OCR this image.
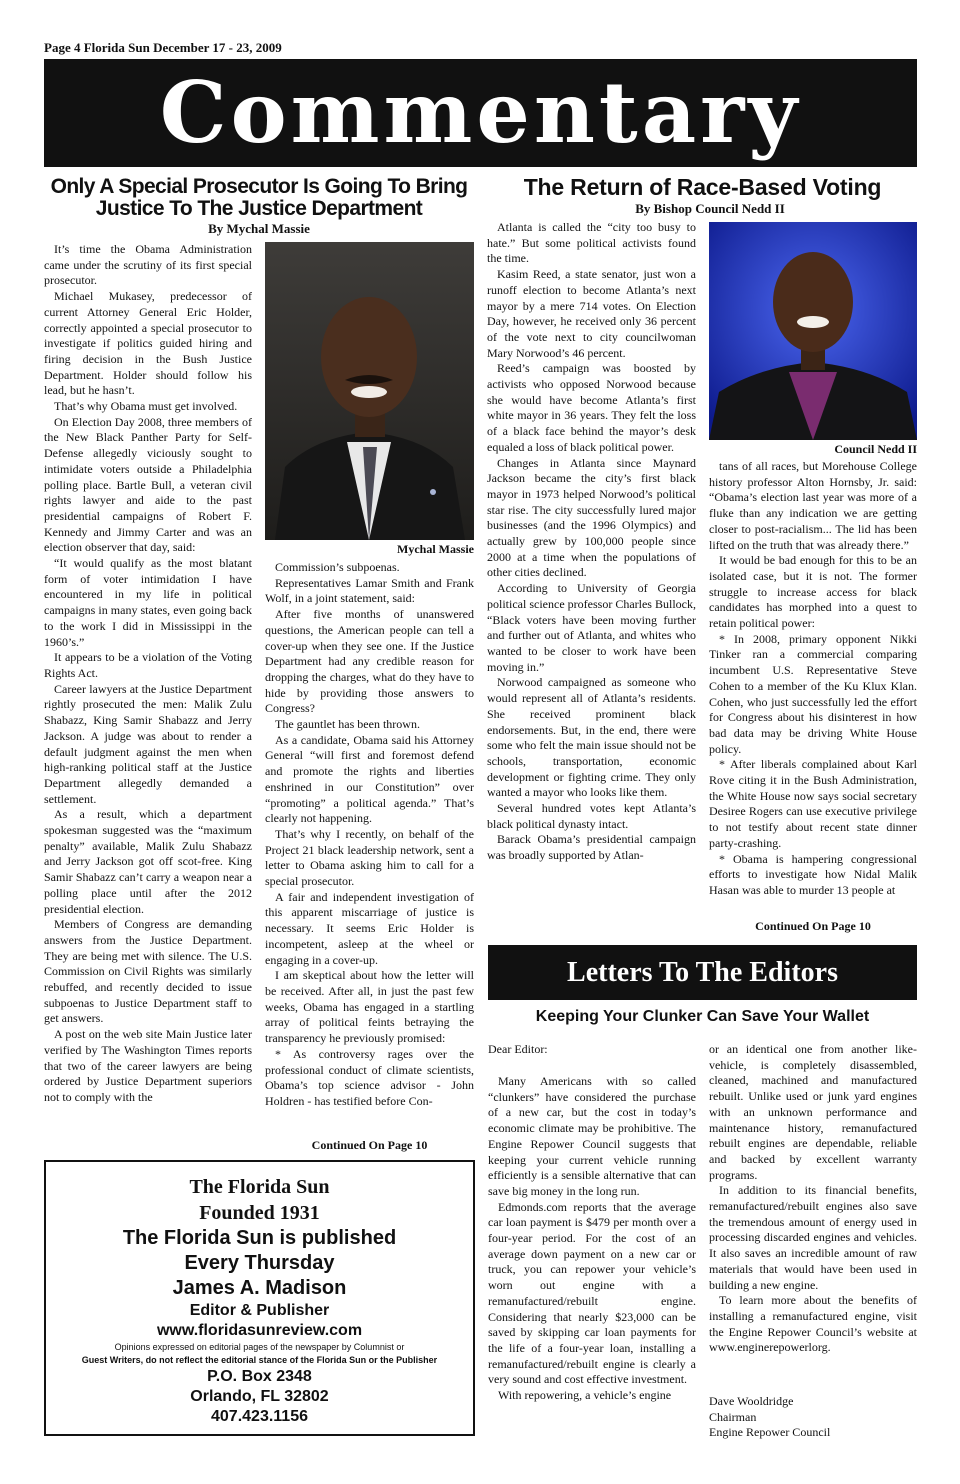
Page 4 Florida Sun December 17 - 23, 2009
Commentary
Only A Special Prosecutor Is Going To Bring
Justice To The Justice Department
By Mychal Massie

It’s time the Obama Administration came under the scrutiny of its first special prosecutor.

Michael Mukasey, predecessor of current Attorney General Eric Holder, correctly appointed a special prosecutor to investigate if politics guided hiring and firing decision in the Bush Justice Department. Holder should follow his lead, but he hasn’t.

That’s why Obama must get involved.

On Election Day 2008, three members of the New Black Panther Party for Self-Defense allegedly viciously sought to intimidate voters outside a Philadelphia polling place. Bartle Bull, a veteran civil rights lawyer and aide to the past presidential campaigns of Robert F. Kennedy and Jimmy Carter and was an election observer that day, said:

“It would qualify as the most blatant form of voter intimidation I have encountered in my life in political campaigns in many states, even going back to the work I did in Mississippi in the 1960’s.”

It appears to be a violation of the Voting Rights Act.

Career lawyers at the Justice Department rightly prosecuted the men: Malik Zulu Shabazz, King Samir Shabazz and Jerry Jackson. A judge was about to render a default judgment against the men when high-ranking political staff at the Justice Department allegedly demanded a settlement.

As a result, which a department spokesman suggested was the “maximum penalty” available, Malik Zulu Shabazz and Jerry Jackson got off scot-free. King Samir Shabazz can’t carry a weapon near a polling place until after the 2012 presidential election.

Members of Congress are demanding answers from the Justice Department. They are being met with silence. The U.S. Commission on Civil Rights was similarly rebuffed, and recently decided to issue subpoenas to Justice Department staff to get answers.

A post on the web site Main Justice later verified by The Washington Times reports that two of the career lawyers are being ordered by Justice Department superiors not to comply with the

Mychal Massie

Commission’s subpoenas.

Representatives Lamar Smith and Frank Wolf, in a joint statement, said:

After five months of unanswered questions, the American people can tell a cover-up when they see one. If the Justice Department had any credible reason for dropping the charges, what do they have to hide by providing those answers to Congress?

The gauntlet has been thrown.

As a candidate, Obama said his Attorney General “will first and foremost defend and promote the rights and liberties enshrined in our Constitution” over “promoting” a political agenda.” That’s clearly not happening.

That’s why I recently, on behalf of the Project 21 black leadership network, sent a letter to Obama asking him to call for a special prosecutor.

A fair and independent investigation of this apparent miscarriage of justice is necessary. It seems Eric Holder is incompetent, asleep at the wheel or engaging in a cover-up.

I am skeptical about how the letter will be received. After all, in just the past few weeks, Obama has engaged in a startling array of political feints betraying the transparency he previously promised:

* As controversy rages over the professional conduct of climate scientists, Obama’s top science advisor - John Holdren - has testified before Con-

Continued On Page 10
The Florida Sun
Founded 1931
The Florida Sun is published
Every Thursday
James A. Madison
Editor & Publisher
www.floridasunreview.com
Opinions expressed on editorial pages of the newspaper by Columnist or
Guest Writers, do not reflect the editorial stance of the Florida Sun or the Publisher
P.O. Box 2348
Orlando, FL 32802
407.423.1156
The Return of Race-Based Voting
By Bishop Council Nedd II

Atlanta is called the “city too busy to hate.” But some political activists found the time.

Kasim Reed, a state senator, just won a runoff election to become Atlanta’s next mayor by a mere 714 votes. On Election Day, however, he received only 36 percent of the vote next to city councilwoman Mary Norwood’s 46 percent.

Reed’s campaign was boosted by activists who opposed Norwood because she would have become Atlanta’s first white mayor in 36 years. They felt the loss of a black face behind the mayor’s desk equaled a loss of black political power.

Changes in Atlanta since Maynard Jackson became the city’s first black mayor in 1973 helped Norwood’s political star rise. The city successfully lured major businesses (and the 1996 Olympics) and actually grew by 100,000 people since 2000 at a time when the populations of other cities declined.

According to University of Georgia political science professor Charles Bullock, “Black voters have been moving further and further out of Atlanta, and whites who wanted to be closer to work have been moving in.”

Norwood campaigned as someone who would represent all of Atlanta’s residents. She received prominent black endorsements. But, in the end, there were some who felt the main issue should not be schools, transportation, economic development or fighting crime. They only wanted a mayor who looks like them.

Several hundred votes kept Atlanta’s black political dynasty intact.

Barack Obama’s presidential campaign was broadly supported by Atlan-

Council Nedd II

tans of all races, but Morehouse College history professor Alton Hornsby, Jr. said: “Obama’s election last year was more of a fluke than any indication we are getting closer to post-racialism... The lid has been lifted on the truth that was already there.”

It would be bad enough for this to be an isolated case, but it is not. The former struggle to increase access for black candidates has morphed into a quest to retain political power:

* In 2008, primary opponent Nikki Tinker ran a commercial comparing incumbent U.S. Representative Steve Cohen to a member of the Ku Klux Klan. Cohen, who just successfully led the effort for Congress about his disinterest in how bad data may be driving White House policy.

* After liberals complained about Karl Rove citing it in the Bush Administration, the White House now says social secretary Desiree Rogers can use executive privilege to not testify about recent state dinner party-crashing.

* Obama is hampering congressional efforts to investigate how Nidal Malik Hasan was able to murder 13 people at

Continued On Page 10
Letters To The Editors
Keeping Your Clunker Can Save Your Wallet

Dear Editor:

Many Americans with so called “clunkers” have considered the purchase of a new car, but the cost in today’s economic climate may be prohibitive. The Engine Repower Council suggests that keeping your current vehicle running efficiently is a sensible alternative that can save big money in the long run.

Edmonds.com reports that the average car loan payment is $479 per month over a four-year period. For the cost of an average down payment on a new car or truck, you can repower your vehicle’s worn out engine with a remanufactured/rebuilt engine. Considering that nearly $23,000 can be saved by skipping car loan payments for the life of a four-year loan, installing a remanufactured/rebuilt engine is clearly a very sound and cost effective investment.

With repowering, a vehicle’s engine

or an identical one from another like-vehicle, is completely disassembled, cleaned, machined and manufactured rebuilt. Unlike used or junk yard engines with an unknown performance and maintenance history, remanufactured rebuilt engines are dependable, reliable and backed by excellent warranty programs.

In addition to its financial benefits, remanufactured/rebuilt engines also save the tremendous amount of energy used in processing discarded engines and vehicles. It also saves an incredible amount of raw materials that would have been used in building a new engine.

To learn more about the benefits of installing a remanufactured engine, visit the Engine Repower Council’s website at www.enginerepowerlorg.

Dave Wooldridge

Chairman

Engine Repower Council
